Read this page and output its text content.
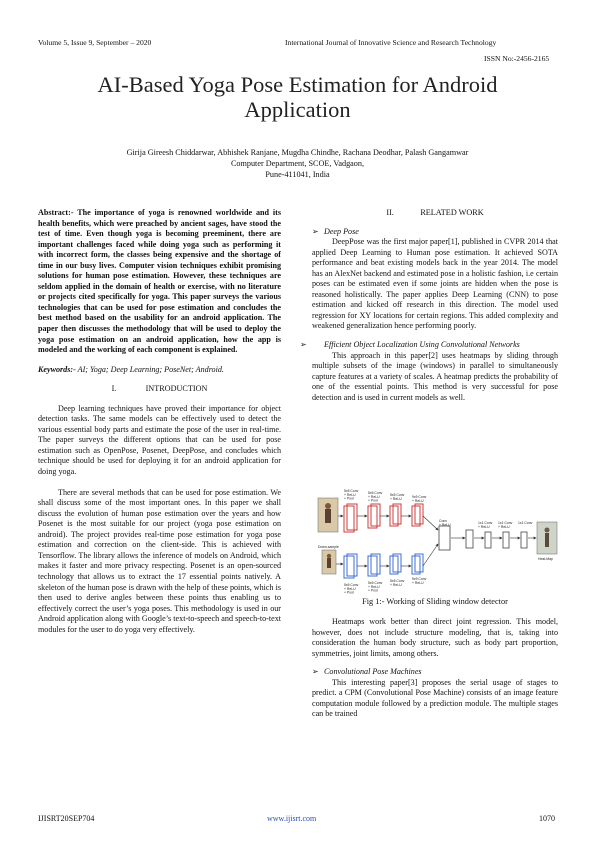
Volume 5, Issue 9, September – 2020	International Journal of Innovative Science and Research Technology
ISSN No:-2456-2165
AI-Based Yoga Pose Estimation for Android Application
Girija Gireesh Chiddarwar, Abhishek Ranjane, Mugdha Chindhe, Rachana Deodhar, Palash Gangamwar
Computer Department, SCOE, Vadgaon,
Pune-411041, India

Abstract:- The importance of yoga is renowned worldwide and its health benefits, which were preached by ancient sages, have stood the test of time. Even though yoga is becoming preeminent, there are important challenges faced while doing yoga such as performing it with incorrect form, the classes being expensive and the shortage of time in our busy lives. Computer vision techniques exhibit promising solutions for human pose estimation. However, these techniques are seldom applied in the domain of health or exercise, with no literature or projects cited specifically for yoga. This paper surveys the various technologies that can be used for pose estimation and concludes the best method based on the usability for an android application. The paper then discusses the methodology that will be used to deploy the yoga pose estimation on an android application, how the app is modeled and the working of each component is explained.

Keywords:- AI; Yoga; Deep Learning; PoseNet; Android.

I.	INTRODUCTION

Deep learning techniques have proved their importance for object detection tasks. The same models can be effectively used to detect the various essential body parts and estimate the pose of the user in real-time. The paper surveys the different options that can be used for pose estimation such as OpenPose, Posenet, DeepPose, and concludes which technique should be used for deploying it for an android application for doing yoga.

There are several methods that can be used for pose estimation. We shall discuss some of the most important ones. In this paper we shall discuss the evolution of human pose estimation over the years and how Posenet is the most suitable for our project (yoga pose estimation on android). The project provides real-time pose estimation for yoga pose estimation and correction on the client-side. This is achieved with Tensorflow. The library allows the inference of models on Android, which makes it faster and more privacy respecting. Posenet is an open-sourced technology that allows us to extract the 17 essential points natively. A skeleton of the human pose is drawn with the help of these points, which is then used to derive angles between these points thus enabling us to effectively correct the user’s yoga poses. This methodology is used in our Android application along with Google’s text-to-speech and speech-to-text modules for the user to do yoga very effectively.

II.	RELATED WORK

➢ Deep Pose

DeepPose was the first major paper[1], published in CVPR 2014 that applied Deep Learning to Human pose estimation. It achieved SOTA performance and beat existing models back in the year 2014. The model has an AlexNet backend and estimated pose in a holistic fashion, i.e certain poses can be estimated even if some joints are hidden when the pose is reasoned holistically. The paper applies Deep Learning (CNN) to pose estimation and kicked off research in this direction. The model used regression for XY locations for certain regions. This added complexity and weakened generalization hence performing poorly.

➢ Efficient Object Localization Using Convolutional Networks

This approach in this paper[2] uses heatmaps by sliding through multiple subsets of the image (windows) in parallel to simultaneously capture features at a variety of scales. A heatmap predicts the probability of one of the essential points. This method is very successful for pose detection and is used in current models as well.

5x5 Conv + ReLU + Pool
5x5 Conv + ReLU + Pool
5x5 Conv + ReLU	9x9 Conv + ReLU
5x5 Conv + ReLU + Pool
5x5 Conv + ReLU + Pool
5x5 Conv + ReLU
9x9 Conv + ReLU
Down-sample
Conv + ReLU	1x1 Conv + ReLU
1x1 Conv + ReLU
1x1 Conv
Heat-Map
Fig 1:- Working of Sliding window detector

Heatmaps work better than direct joint regression. This model, however, does not include structure modeling, that is, taking into consideration the human body structure, such as body part proportion, symmetries, joint limits, among others.

➢ Convolutional Pose Machines

This interesting paper[3] proposes the serial usage of stages to predict. a CPM (Convolutional Pose Machine) consists of an image feature computation module followed by a prediction module. The multiple stages can be trained

IJISRT20SEP704	www.ijisrt.com	1070
